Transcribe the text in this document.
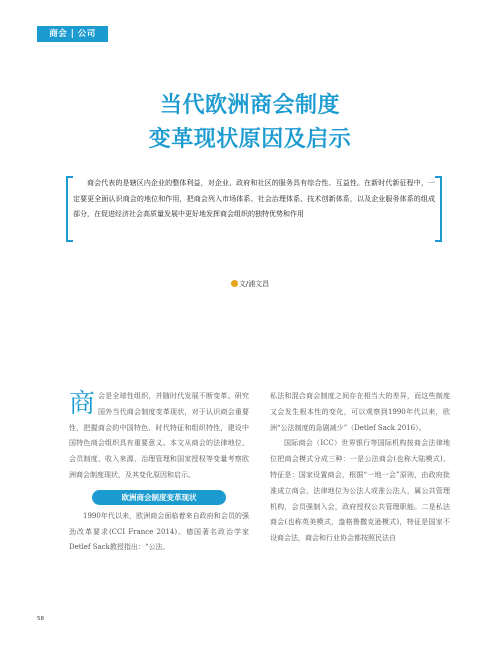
商会 | 公司
当代欧洲商会制度
变革现状原因及启示

商会代表的是辖区内企业的整体利益，对企业、政府和社区的服务具有综合性、互益性。在新时代新征程中，一定要更全面认识商会的地位和作用，把商会列入市场体系、社会治理体系、技术创新体系，以及企业服务体系的组成部分，在促进经济社会高质量发展中更好地发挥商会组织的独特优势和作用

文/浦文昌

商会是全球性组织，并随时代发展不断变革。研究国外当代商会制度变革现状，对于认识商会重要性，把握商会的中国特色、时代特征和组织特性，建设中国特色商会组织具有重要意义。本文从商会的法律地位、会员制度、收入来源、治理管理和国家授权等变量考察欧洲商会制度现状，及其变化原因和启示。

欧洲商会制度变革现状

1990年代以来，欧洲商会面临着来自政府和会员的强劲改革要求(CCI France 2014)。德国著名政治学家Detlef Sack教授指出：“公法、

私法和混合商会制度之间存在相当大的差异，而这些制度又会发生根本性的变化，可以观察到1990年代以来，欧洲“公法制度的急剧减少”（Detlef Sack 2016）。

国际商会（ICC）世界银行等国际机构按商会法律地位把商会模式分成三种：一是公法商会(也称大陆模式)，特征是：国家设置商会，根据“一地一会”原则，由政府批准成立商会，法律地位为公法人或准公法人，属公共管理机构，会员强制入会，政府授权公共管理职能。二是私法商会(也称英美模式，盎格鲁撒克逊模式)，特征是国家不设商会法，商会和行业协会都按照民法自

58
